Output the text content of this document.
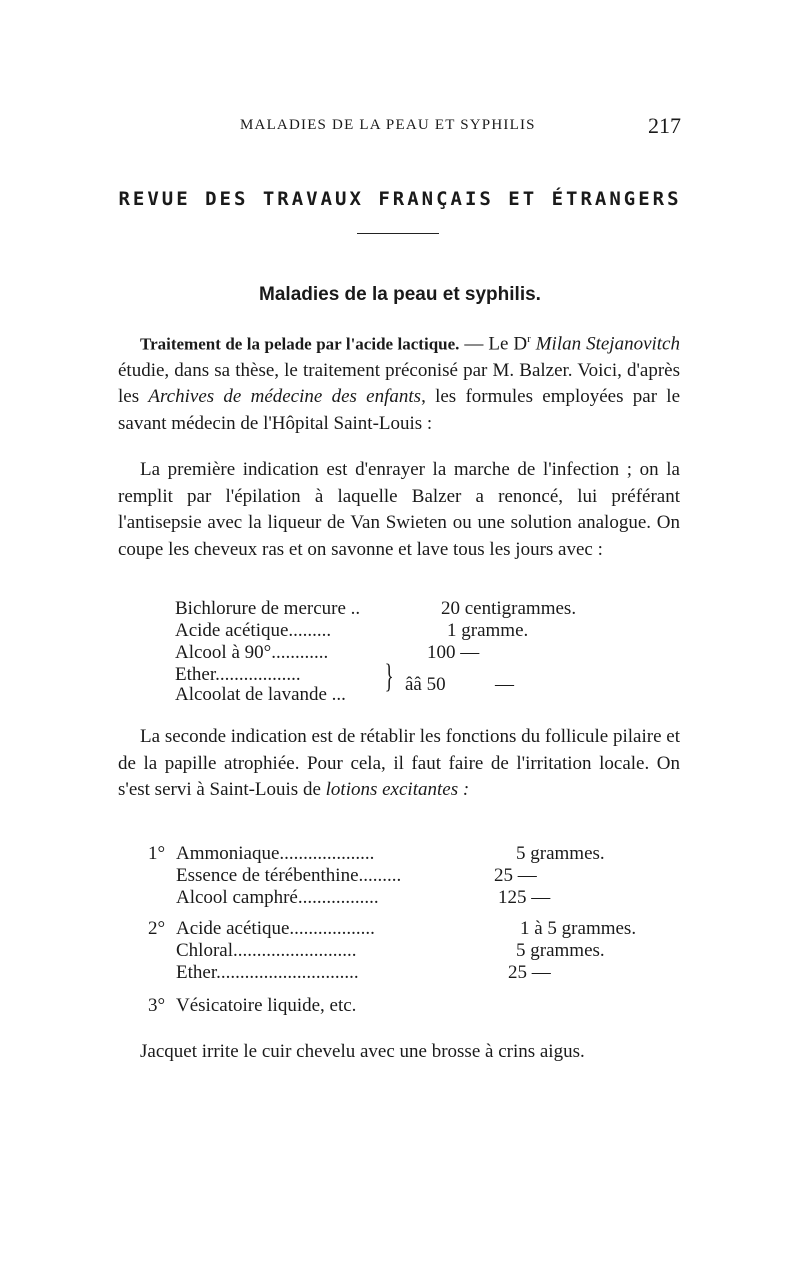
MALADIES DE LA PEAU ET SYPHILIS	217
REVUE DES TRAVAUX FRANÇAIS ET ÉTRANGERS
Maladies de la peau et syphilis.
Traitement de la pelade par l'acide lactique. — Le $D^r$ Milan Stejanovitch étudie, dans sa thèse, le traitement préconisé par M. Balzer. Voici, d'après les Archives de médecine des enfants, les formules employées par le savant médecin de l'Hôpital Saint-Louis :
La première indication est d'enrayer la marche de l'infection ; on la remplit par l'épilation à laquelle Balzer a renoncé, lui préférant l'antisepsie avec la liqueur de Van Swieten ou une solution analogue. On coupe les cheveux ras et on savonne et lave tous les jours avec :
Bichlorure de mercure ..	20 centigrammes.
Acide acétique.........	1 gramme.
Alcool à 90°............	100 —
Ether..................
Alcoolat de lavande ... } ââ 50	—
La seconde indication est de rétablir les fonctions du follicule pilaire et de la papille atrophiée. Pour cela, il faut faire de l'irritation locale. On s'est servi à Saint-Louis de lotions excitantes :
1° Ammoniaque....................	5 grammes.
Essence de térébenthine.........	25 —
Alcool camphré.................	125 —
2° Acide acétique..................	1 à 5 grammes.
Chloral..........................	5 grammes.
Ether..............................	25 —
3° Vésicatoire liquide, etc.
Jacquet irrite le cuir chevelu avec une brosse à crins aigus.
